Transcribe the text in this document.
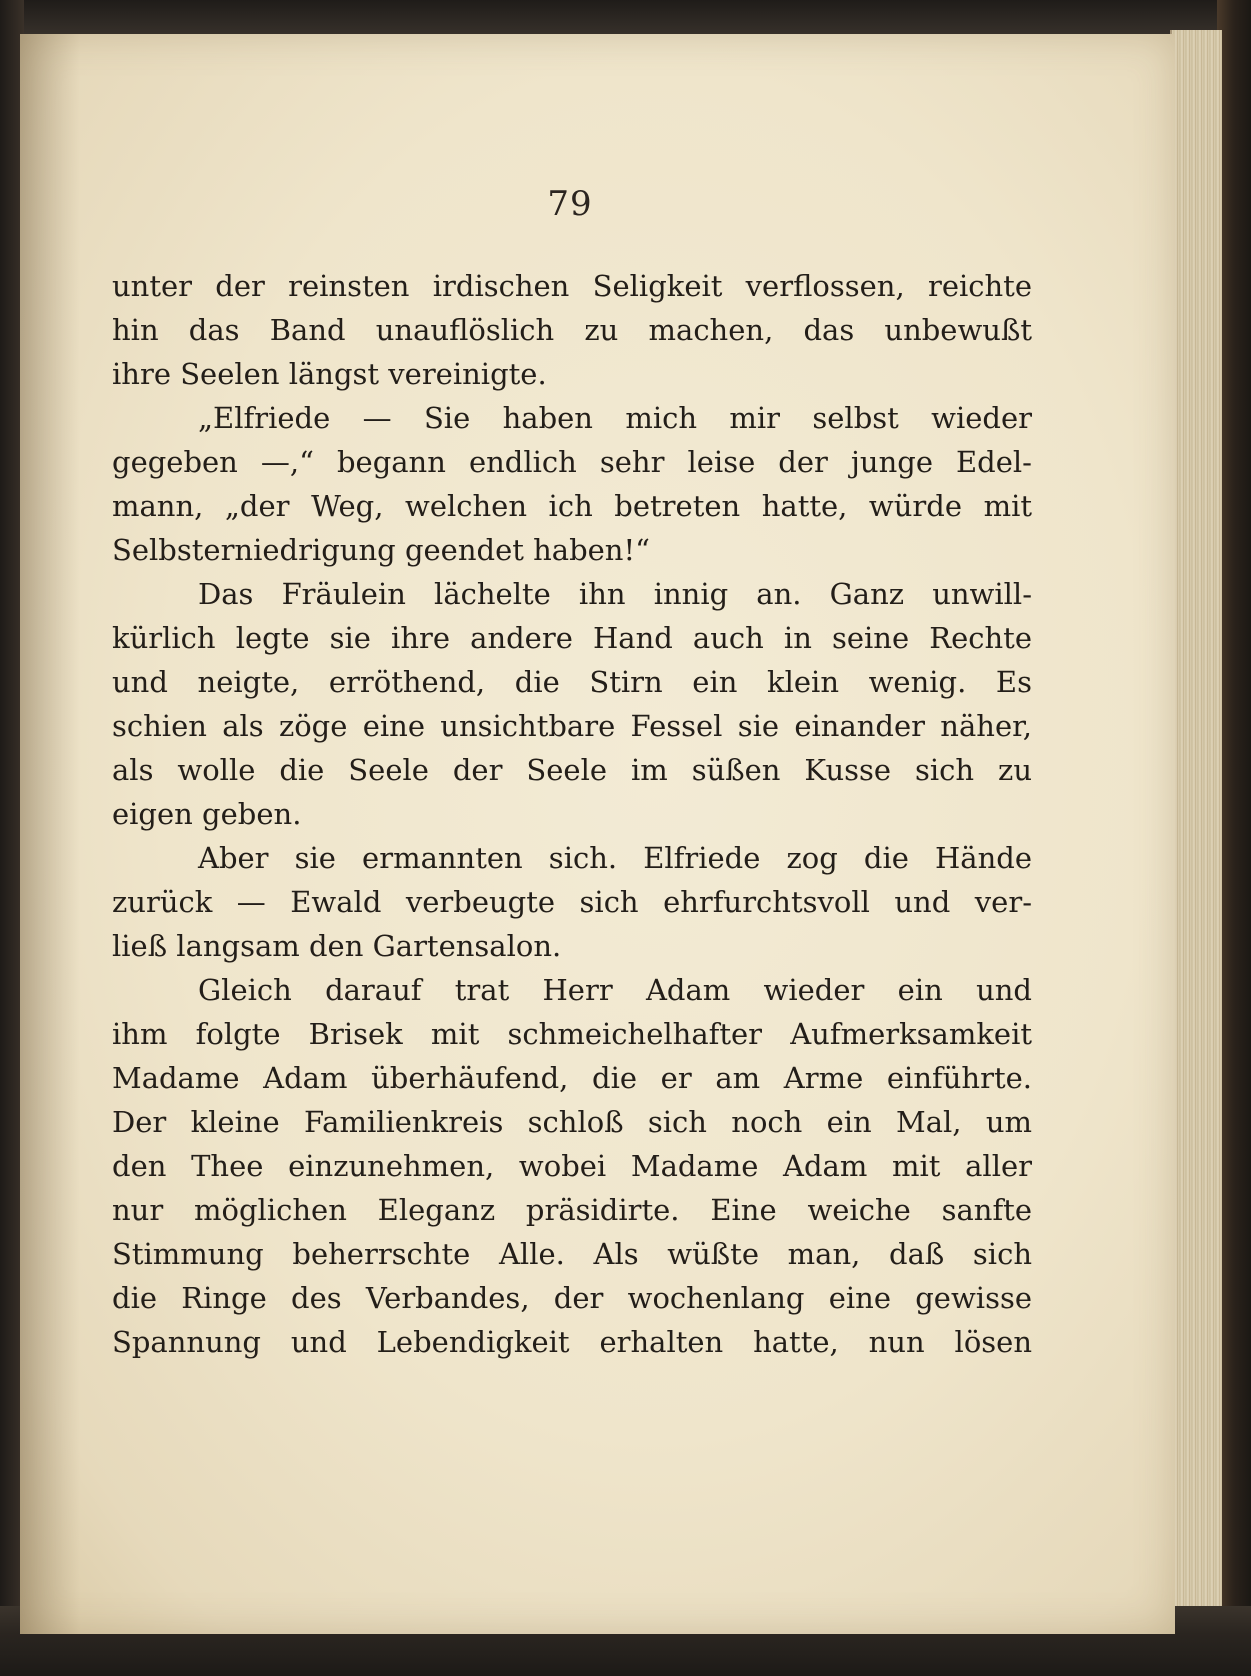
79
unter der reinsten irdischen Seligkeit verflossen, reichte
hin das Band unauflöslich zu machen, das unbewußt
ihre Seelen längst vereinigte.
„Elfriede — Sie haben mich mir selbst wieder
gegeben —,“ begann endlich sehr leise der junge Edel-
mann, „der Weg, welchen ich betreten hatte, würde mit
Selbsterniedrigung geendet haben!“
Das Fräulein lächelte ihn innig an. Ganz unwill-
kürlich legte sie ihre andere Hand auch in seine Rechte
und neigte, erröthend, die Stirn ein klein wenig. Es
schien als zöge eine unsichtbare Fessel sie einander näher,
als wolle die Seele der Seele im süßen Kusse sich zu
eigen geben.
Aber sie ermannten sich. Elfriede zog die Hände
zurück — Ewald verbeugte sich ehrfurchtsvoll und ver-
ließ langsam den Gartensalon.
Gleich darauf trat Herr Adam wieder ein und
ihm folgte Brisek mit schmeichelhafter Aufmerksamkeit
Madame Adam überhäufend, die er am Arme einführte.
Der kleine Familienkreis schloß sich noch ein Mal, um
den Thee einzunehmen, wobei Madame Adam mit aller
nur möglichen Eleganz präsidirte. Eine weiche sanfte
Stimmung beherrschte Alle. Als wüßte man, daß sich
die Ringe des Verbandes, der wochenlang eine gewisse
Spannung und Lebendigkeit erhalten hatte, nun lösen
